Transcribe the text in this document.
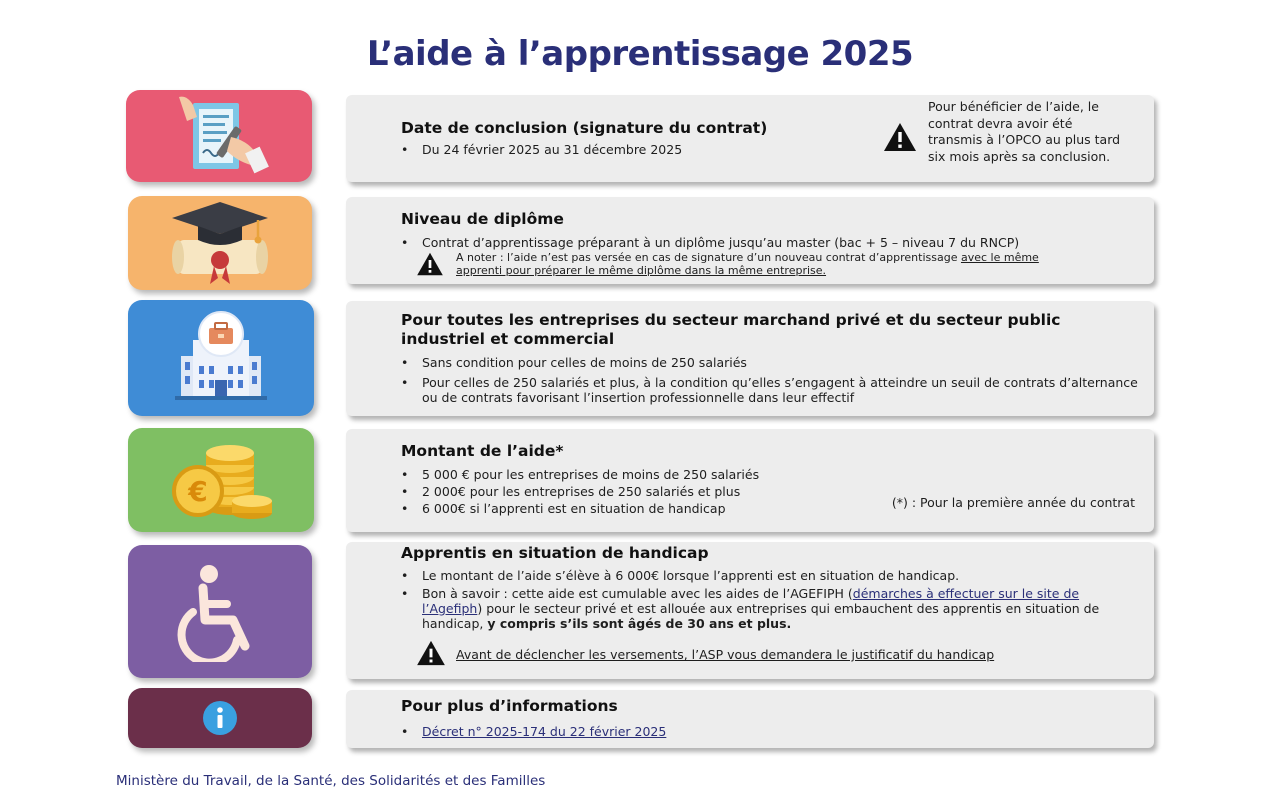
L’aide à l’apprentissage 2025
Date de conclusion (signature du contrat)
• Du 24 février 2025 au 31 décembre 2025
Pour bénéficier de l’aide, le contrat devra avoir été transmis à l’OPCO au plus tard six mois après sa conclusion.
Niveau de diplôme
• Contrat d’apprentissage préparant à un diplôme jusqu’au master (bac + 5 – niveau 7 du RNCP)
A noter : l’aide n’est pas versée en cas de signature d’un nouveau contrat d’apprentissage avec le même apprenti pour préparer le même diplôme dans la même entreprise.
Pour toutes les entreprises du secteur marchand privé et du secteur public industriel et commercial
• Sans condition pour celles de moins de 250 salariés
• Pour celles de 250 salariés et plus, à la condition qu’elles s’engagent à atteindre un seuil de contrats d’alternance ou de contrats favorisant l’insertion professionnelle dans leur effectif
€
Montant de l’aide*
• 5 000 € pour les entreprises de moins de 250 salariés
• 2 000€ pour les entreprises de 250 salariés et plus
• 6 000€ si l’apprenti est en situation de handicap	(*) : Pour la première année du contrat
Apprentis en situation de handicap
• Le montant de l’aide s’élève à 6 000€ lorsque l’apprenti est en situation de handicap.
• Bon à savoir : cette aide est cumulable avec les aides de l’AGEFIPH (démarches à effectuer sur le site de l’Agefiph) pour le secteur privé et est allouée aux entreprises qui embauchent des apprentis en situation de handicap, y compris s’ils sont âgés de 30 ans et plus.
Avant de déclencher les versements, l’ASP vous demandera le justificatif du handicap
Pour plus d’informations
• Décret n° 2025-174 du 22 février 2025
Ministère du Travail, de la Santé, des Solidarités et des Familles
